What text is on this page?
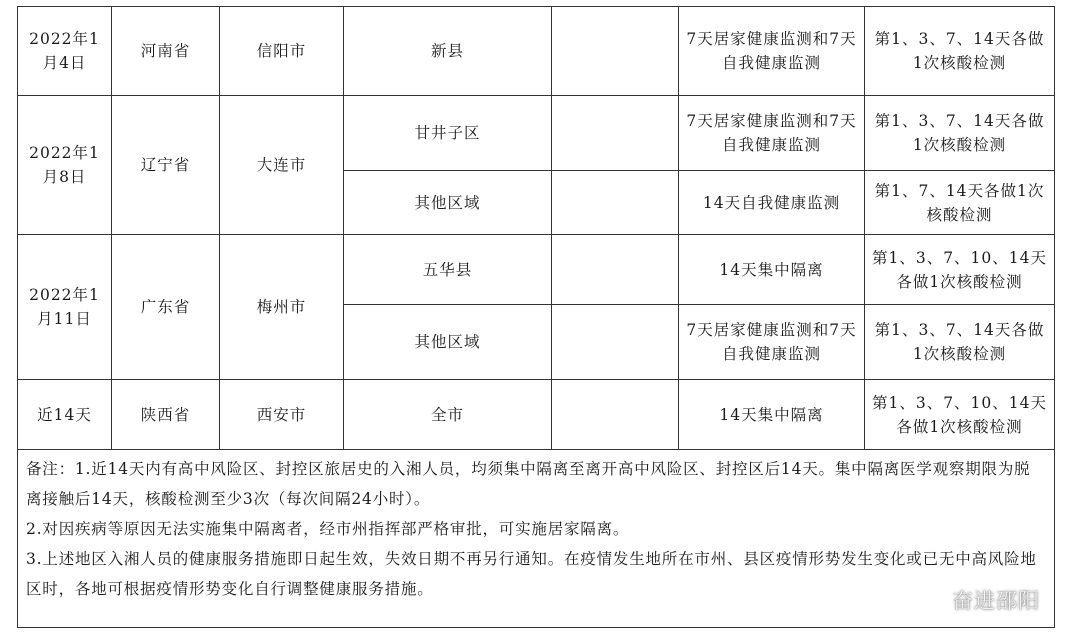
2022年1月4日	河南省	信阳市	新县		7天居家健康监测和7天自我健康监测	第1、3、7、14天各做1次核酸检测
2022年1月8日	辽宁省	大连市	甘井子区		7天居家健康监测和7天自我健康监测	第1、3、7、14天各做1次核酸检测
			其他区域		14天自我健康监测	第1、7、14天各做1次核酸检测
2022年1月11日	广东省	梅州市	五华县		14天集中隔离	第1、3、7、10、14天各做1次核酸检测
			其他区域		7天居家健康监测和7天自我健康监测	第1、3、7、14天各做1次核酸检测
近14天	陕西省	西安市	全市		14天集中隔离	第1、3、7、10、14天各做1次核酸检测

备注：1.近14天内有高中风险区、封控区旅居史的入湘人员，均须集中隔离至离开高中风险区、封控区后14天。集中隔离医学观察期限为脱离接触后14天，核酸检测至少3次（每次间隔24小时）。
2.对因疾病等原因无法实施集中隔离者，经市州指挥部严格审批，可实施居家隔离。
3.上述地区入湘人员的健康服务措施即日起生效，失效日期不再另行通知。在疫情发生地所在市州、县区疫情形势发生变化或已无中高风险地区时，各地可根据疫情形势变化自行调整健康服务措施。							奋进邵阳
